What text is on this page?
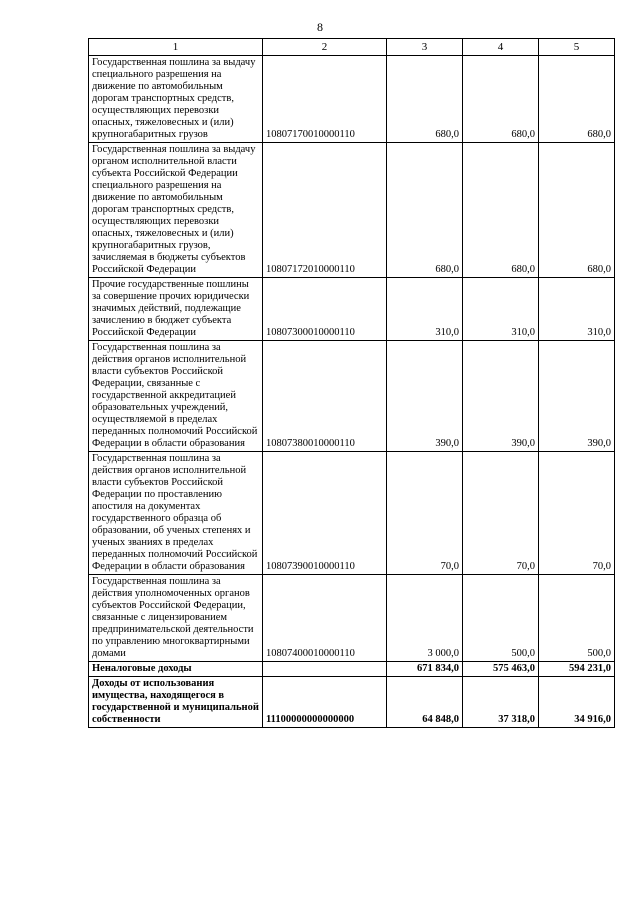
8
1	2	3	4	5
Государственная пошлина за выдачу специального разрешения на движение по автомобильным дорогам транспортных средств, осуществляющих перевозки опасных, тяжеловесных и (или) крупногабаритных грузов	10807170010000110	680,0	680,0	680,0
Государственная пошлина за выдачу органом исполнительной власти субъекта Российской Федерации специального разрешения на движение по автомобильным дорогам транспортных средств, осуществляющих перевозки опасных, тяжеловесных и (или) крупногабаритных грузов, зачисляемая в бюджеты субъектов Российской Федерации	10807172010000110	680,0	680,0	680,0
Прочие государственные пошлины за совершение прочих юридически значимых действий, подлежащие зачислению в бюджет субъекта Российской Федерации	10807300010000110	310,0	310,0	310,0
Государственная пошлина за действия органов исполнительной власти субъектов Российской Федерации, связанные с государственной аккредитацией образовательных учреждений, осуществляемой в пределах переданных полномочий Российской Федерации в области образования	10807380010000110	390,0	390,0	390,0
Государственная пошлина за действия органов исполнительной власти субъектов Российской Федерации по проставлению апостиля на документах государственного образца об образовании, об ученых степенях и ученых званиях в пределах переданных полномочий Российской Федерации в области образования	10807390010000110	70,0	70,0	70,0
Государственная пошлина за действия уполномоченных органов субъектов Российской Федерации, связанные с лицензированием предпринимательской деятельности по управлению многоквартирными домами	10807400010000110	3 000,0	500,0	500,0
Неналоговые доходы		671 834,0	575 463,0	594 231,0
Доходы от использования имущества, находящегося в государственной и муниципальной собственности	11100000000000000	64 848,0	37 318,0	34 916,0
